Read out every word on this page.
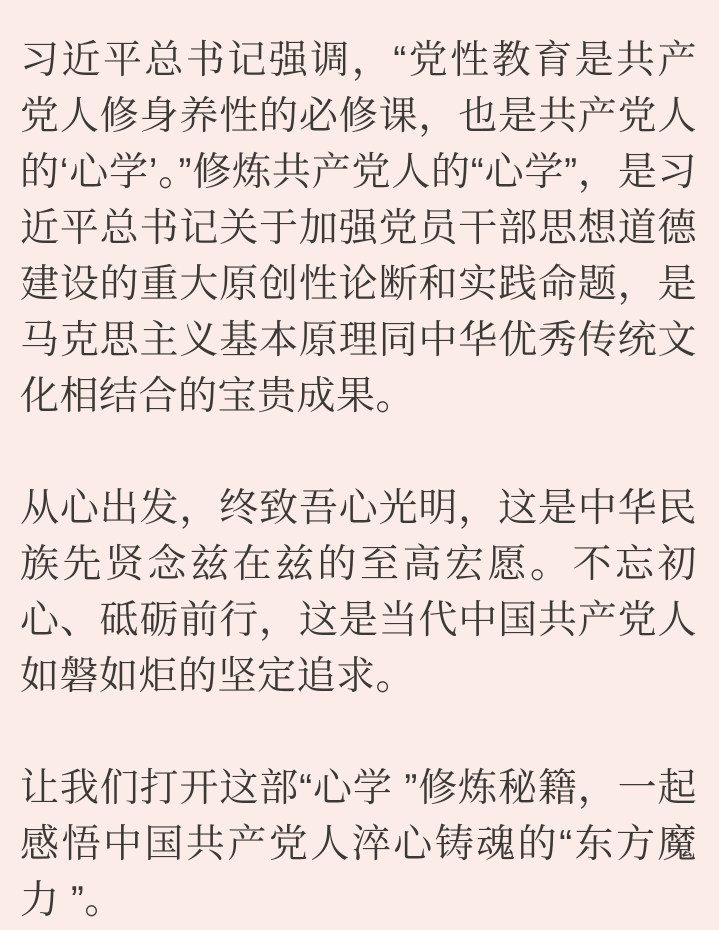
习近平总书记强调，“党性教育是共产党人修身养性的必修课，也是共产党人的‘心学’。”修炼共产党人的“心学”，是习近平总书记关于加强党员干部思想道德建设的重大原创性论断和实践命题，是马克思主义基本原理同中华优秀传统文化相结合的宝贵成果。

从心出发，终致吾心光明，这是中华民族先贤念兹在兹的至高宏愿。不忘初心、砥砺前行，这是当代中国共产党人如磐如炬的坚定追求。

让我们打开这部“心学 ”修炼秘籍，一起感悟中国共产党人淬心铸魂的“东方魔力 ”。
